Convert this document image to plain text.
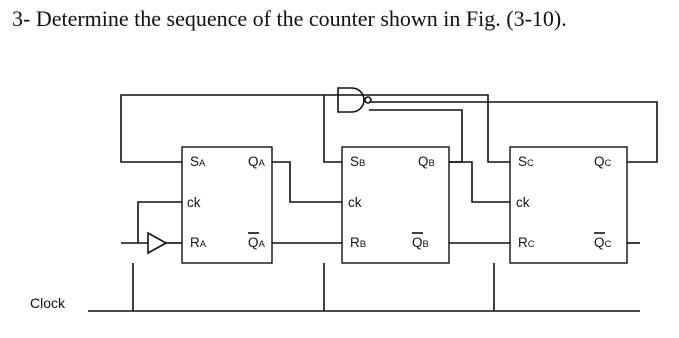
3- Determine the sequence of the counter shown in Fig. (3-10).
Clock
SA	QA
ck
RA	QA
SB	QB
ck
RB	QB
SC	QC
ck
RC	QC
